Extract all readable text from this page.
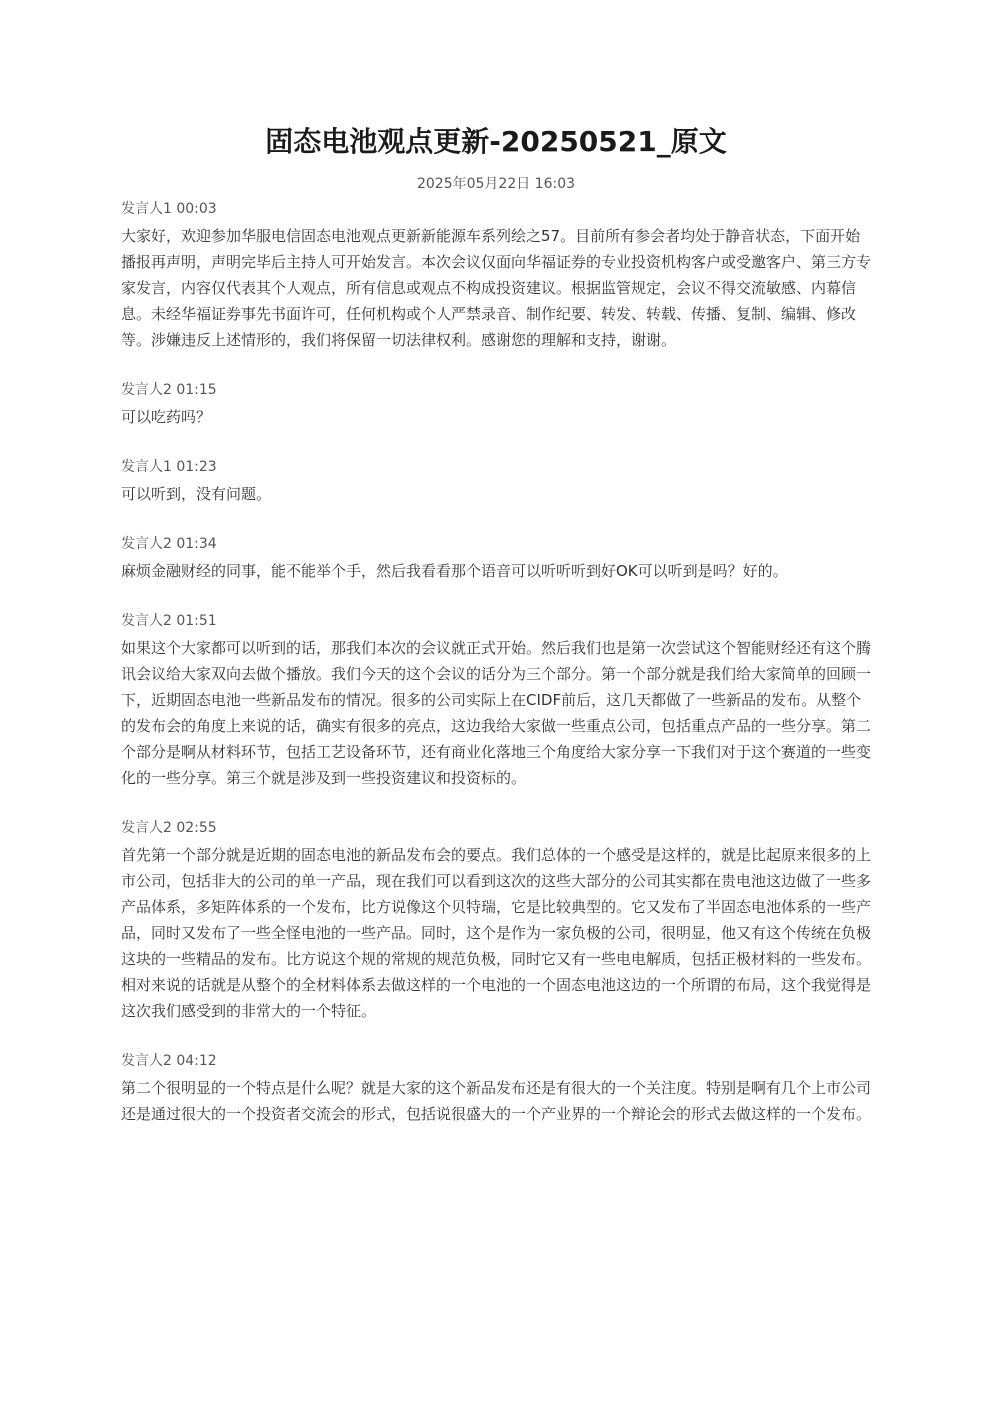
固态电池观点更新-20250521_原文
2025年05月22日 16:03
发言人1 00:03
大家好，欢迎参加华服电信固态电池观点更新新能源车系列绘之57。目前所有参会者均处于静音状态，下面开始播报再声明，声明完毕后主持人可开始发言。本次会议仅面向华福证券的专业投资机构客户或受邀客户、第三方专家发言，内容仅代表其个人观点，所有信息或观点不构成投资建议。根据监管规定，会议不得交流敏感、内幕信息。未经华福证券事先书面许可，任何机构或个人严禁录音、制作纪要、转发、转载、传播、复制、编辑、修改等。涉嫌违反上述情形的，我们将保留一切法律权利。感谢您的理解和支持，谢谢。
发言人2 01:15
可以吃药吗？
发言人1 01:23
可以听到，没有问题。
发言人2 01:34
麻烦金融财经的同事，能不能举个手，然后我看看那个语音可以听听听到好OK可以听到是吗？好的。
发言人2 01:51
如果这个大家都可以听到的话，那我们本次的会议就正式开始。然后我们也是第一次尝试这个智能财经还有这个腾讯会议给大家双向去做个播放。我们今天的这个会议的话分为三个部分。第一个部分就是我们给大家简单的回顾一下，近期固态电池一些新品发布的情况。很多的公司实际上在CIDF前后，这几天都做了一些新品的发布。从整个的发布会的角度上来说的话，确实有很多的亮点，这边我给大家做一些重点公司，包括重点产品的一些分享。第二个部分是啊从材料环节，包括工艺设备环节，还有商业化落地三个角度给大家分享一下我们对于这个赛道的一些变化的一些分享。第三个就是涉及到一些投资建议和投资标的。
发言人2 02:55
首先第一个部分就是近期的固态电池的新品发布会的要点。我们总体的一个感受是这样的，就是比起原来很多的上市公司，包括非大的公司的单一产品，现在我们可以看到这次的这些大部分的公司其实都在贵电池这边做了一些多产品体系，多矩阵体系的一个发布，比方说像这个贝特瑞，它是比较典型的。它又发布了半固态电池体系的一些产品，同时又发布了一些全怪电池的一些产品。同时，这个是作为一家负极的公司，很明显，他又有这个传统在负极这块的一些精品的发布。比方说这个规的常规的规范负极，同时它又有一些电电解质，包括正极材料的一些发布。相对来说的话就是从整个的全材料体系去做这样的一个电池的一个固态电池这边的一个所谓的布局，这个我觉得是这次我们感受到的非常大的一个特征。
发言人2 04:12
第二个很明显的一个特点是什么呢？就是大家的这个新品发布还是有很大的一个关注度。特别是啊有几个上市公司还是通过很大的一个投资者交流会的形式，包括说很盛大的一个产业界的一个辩论会的形式去做这样的一个发布。
